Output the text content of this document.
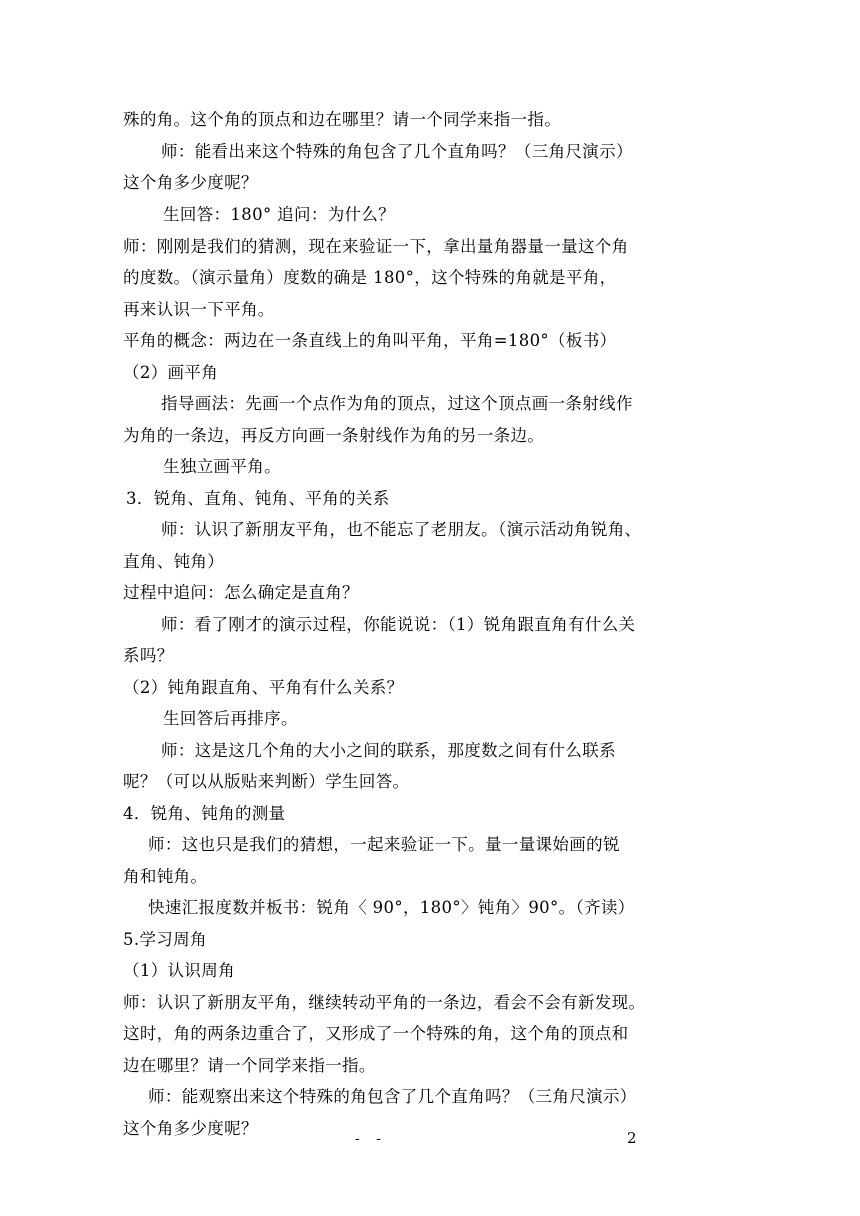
殊的角。这个角的顶点和边在哪里？请一个同学来指一指。
师：能看出来这个特殊的角包含了几个直角吗？（三角尺演示）
这个角多少度呢？
生回答：180° 追问：为什么？
师：刚刚是我们的猜测，现在来验证一下，拿出量角器量一量这个角
的度数。（演示量角）度数的确是 180°，这个特殊的角就是平角，
再来认识一下平角。
平角的概念：两边在一条直线上的角叫平角，平角=180°（板书）
（2）画平角
指导画法：先画一个点作为角的顶点，过这个顶点画一条射线作
为角的一条边，再反方向画一条射线作为角的另一条边。
生独立画平角。
3．锐角、直角、钝角、平角的关系
师：认识了新朋友平角，也不能忘了老朋友。（演示活动角锐角、
直角、钝角）
过程中追问：怎么确定是直角？
师：看了刚才的演示过程，你能说说：（1）锐角跟直角有什么关
系吗？
（2）钝角跟直角、平角有什么关系？
生回答后再排序。
师：这是这几个角的大小之间的联系，那度数之间有什么联系
呢？（可以从版贴来判断）学生回答。
4．锐角、钝角的测量
师：这也只是我们的猜想，一起来验证一下。量一量课始画的锐
角和钝角。
快速汇报度数并板书：锐角〈 90°，180°〉钝角〉90°。（齐读）
5.学习周角
（1）认识周角
师：认识了新朋友平角，继续转动平角的一条边，看会不会有新发现。
这时，角的两条边重合了，又形成了一个特殊的角，这个角的顶点和
边在哪里？请一个同学来指一指。
师：能观察出来这个特殊的角包含了几个直角吗？（三角尺演示）
这个角多少度呢？
- -	2
